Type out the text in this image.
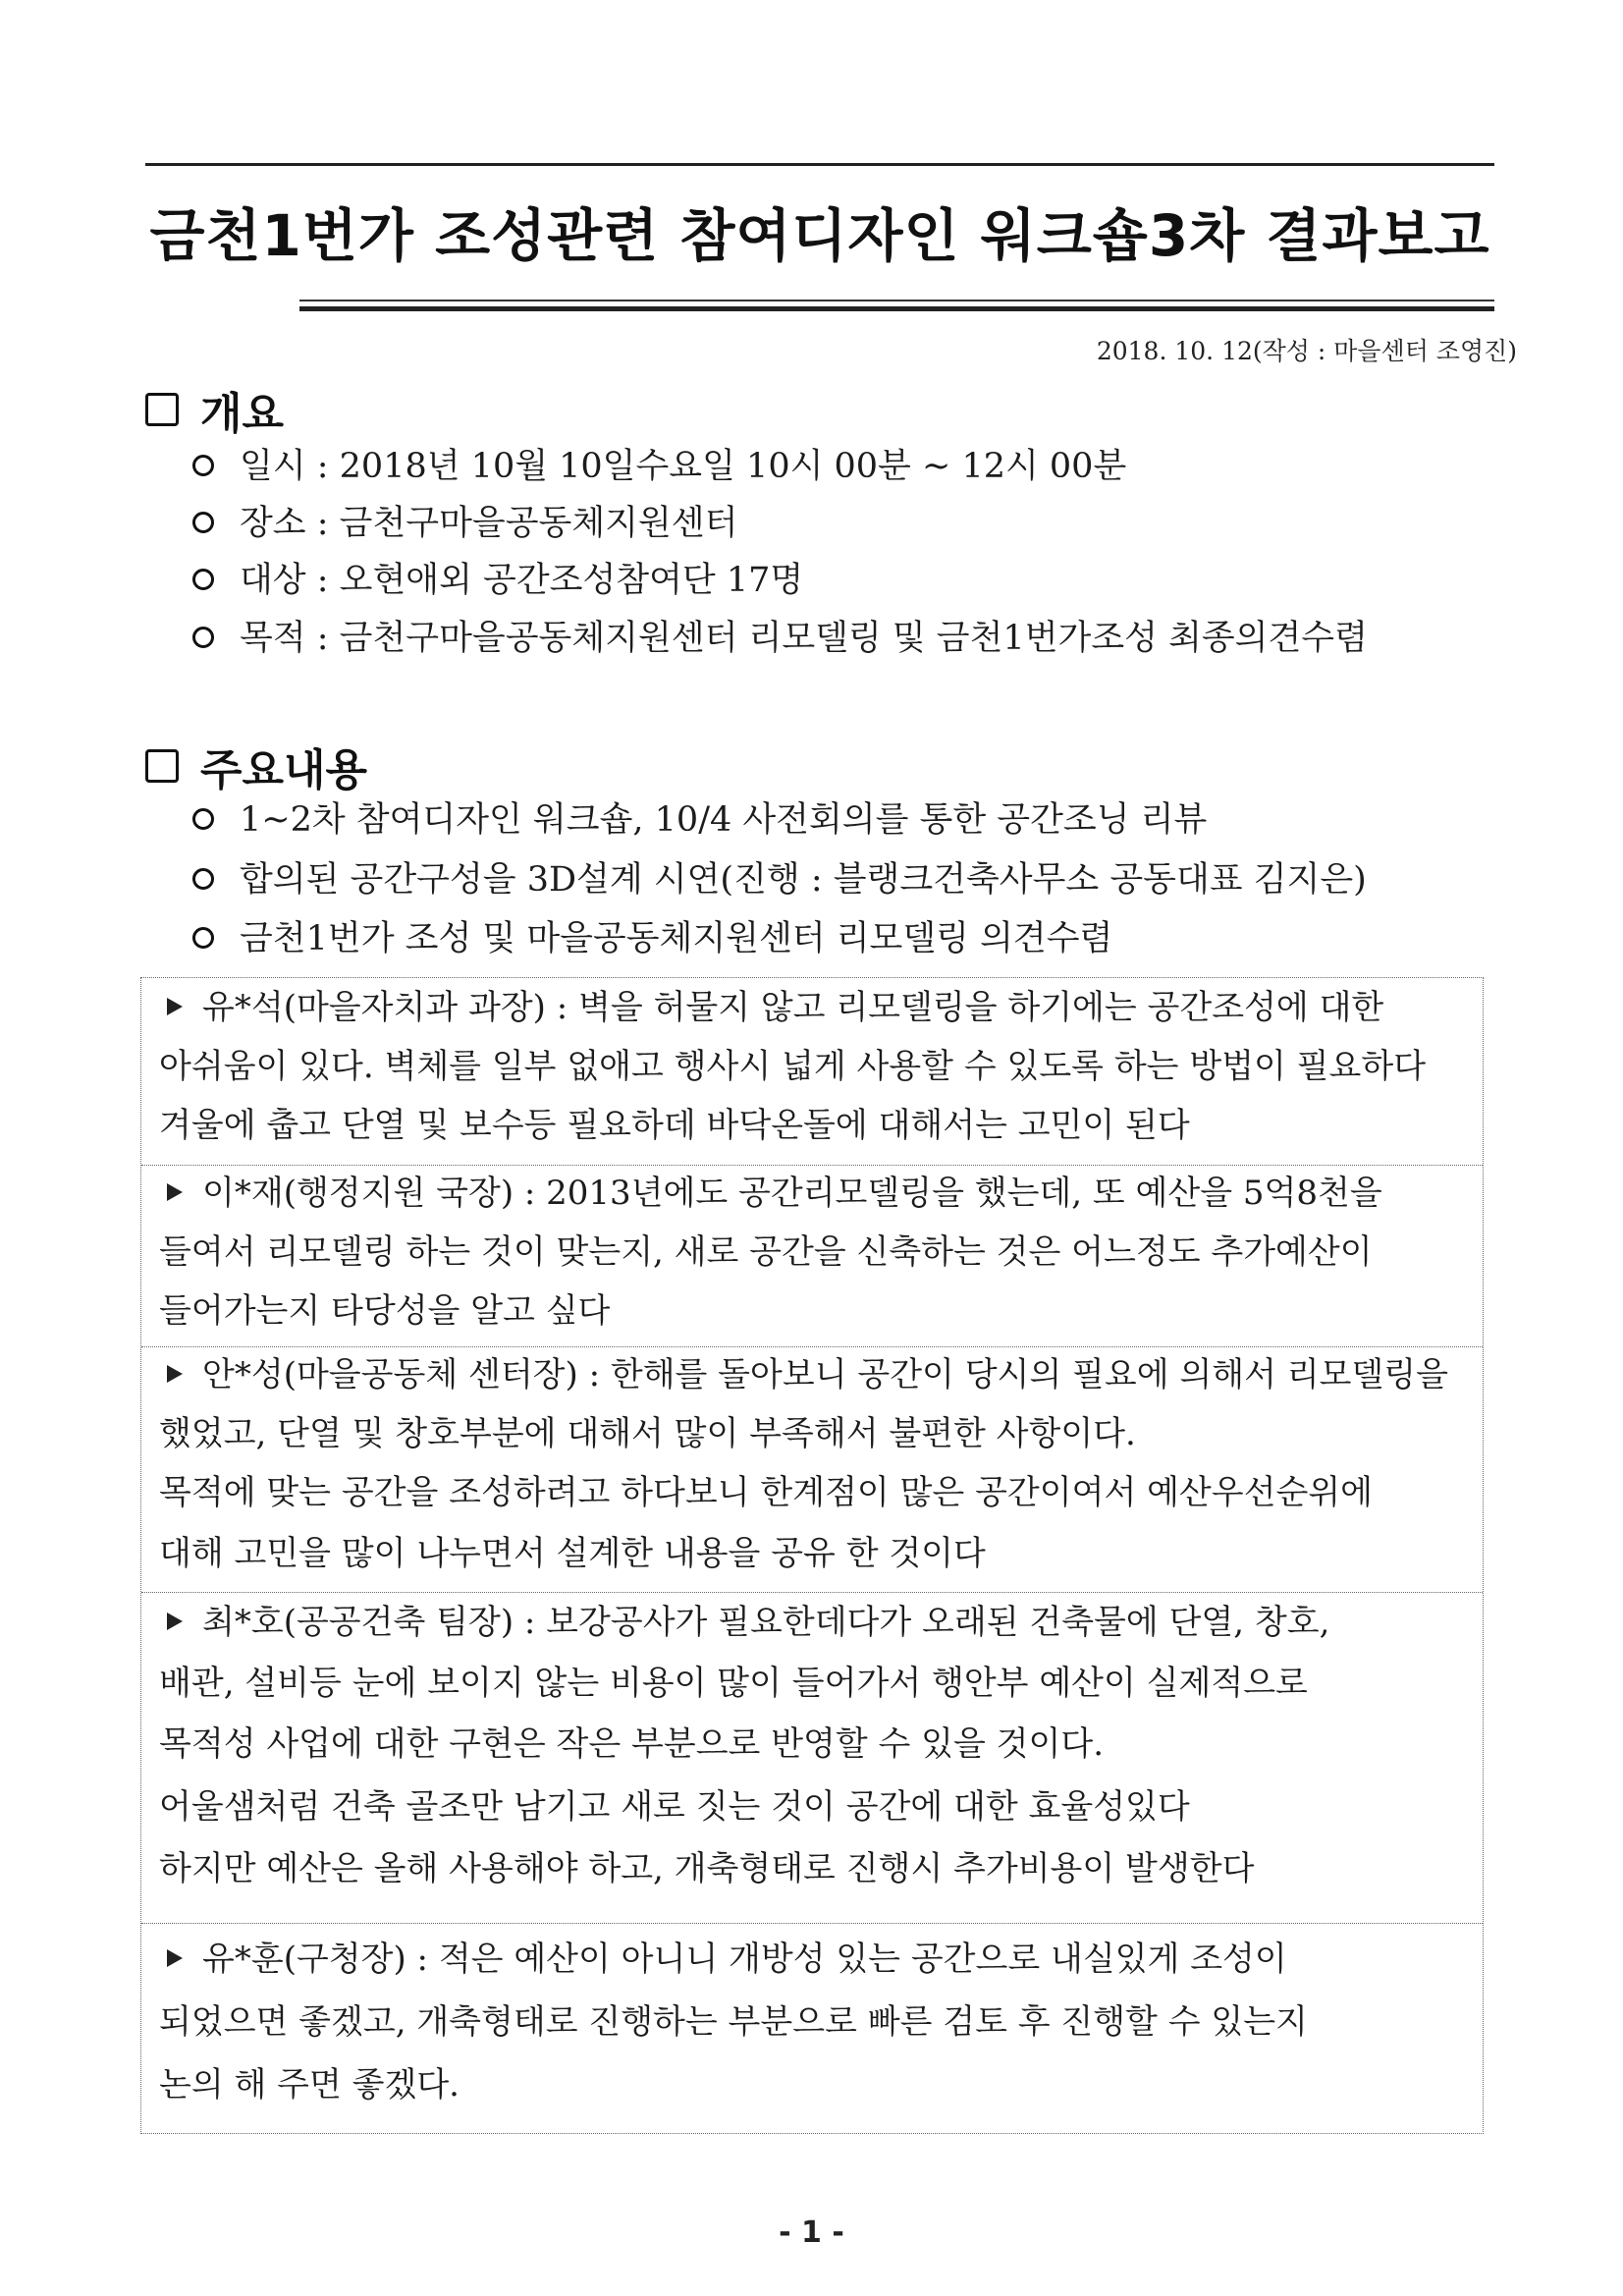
금천1번가 조성관련 참여디자인 워크숍3차 결과보고
2018. 10. 12(작성 : 마을센터 조영진)
개요
일시 : 2018년 10월 10일수요일 10시 00분 ~ 12시 00분
장소 : 금천구마을공동체지원센터
대상 : 오현애외 공간조성참여단 17명
목적 : 금천구마을공동체지원센터 리모델링 및 금천1번가조성 최종의견수렴
주요내용
1~2차 참여디자인 워크숍, 10/4 사전회의를 통한 공간조닝 리뷰
합의된 공간구성을 3D설계 시연(진행 : 블랭크건축사무소 공동대표 김지은)
금천1번가 조성 및 마을공동체지원센터 리모델링 의견수렴
유*석(마을자치과 과장) : 벽을 허물지 않고 리모델링을 하기에는 공간조성에 대한
아쉬움이 있다. 벽체를 일부 없애고 행사시 넓게 사용할 수 있도록 하는 방법이 필요하다
겨울에 춥고 단열 및 보수등 필요하데 바닥온돌에 대해서는 고민이 된다
이*재(행정지원 국장) : 2013년에도 공간리모델링을 했는데, 또 예산을 5억8천을
들여서 리모델링 하는 것이 맞는지, 새로 공간을 신축하는 것은 어느정도 추가예산이
들어가는지 타당성을 알고 싶다
안*성(마을공동체 센터장) : 한해를 돌아보니 공간이 당시의 필요에 의해서 리모델링을
했었고, 단열 및 창호부분에 대해서 많이 부족해서 불편한 사항이다.
목적에 맞는 공간을 조성하려고 하다보니 한계점이 많은 공간이여서 예산우선순위에
대해 고민을 많이 나누면서 설계한 내용을 공유 한 것이다
최*호(공공건축 팀장) : 보강공사가 필요한데다가 오래된 건축물에 단열, 창호,
배관, 설비등 눈에 보이지 않는 비용이 많이 들어가서 행안부 예산이 실제적으로
목적성 사업에 대한 구현은 작은 부분으로 반영할 수 있을 것이다.
어울샘처럼 건축 골조만 남기고 새로 짓는 것이 공간에 대한 효율성있다
하지만 예산은 올해 사용해야 하고, 개축형태로 진행시 추가비용이 발생한다
유*훈(구청장) : 적은 예산이 아니니 개방성 있는 공간으로 내실있게 조성이
되었으면 좋겠고, 개축형태로 진행하는 부분으로 빠른 검토 후 진행할 수 있는지
논의 해 주면 좋겠다.
- 1 -
